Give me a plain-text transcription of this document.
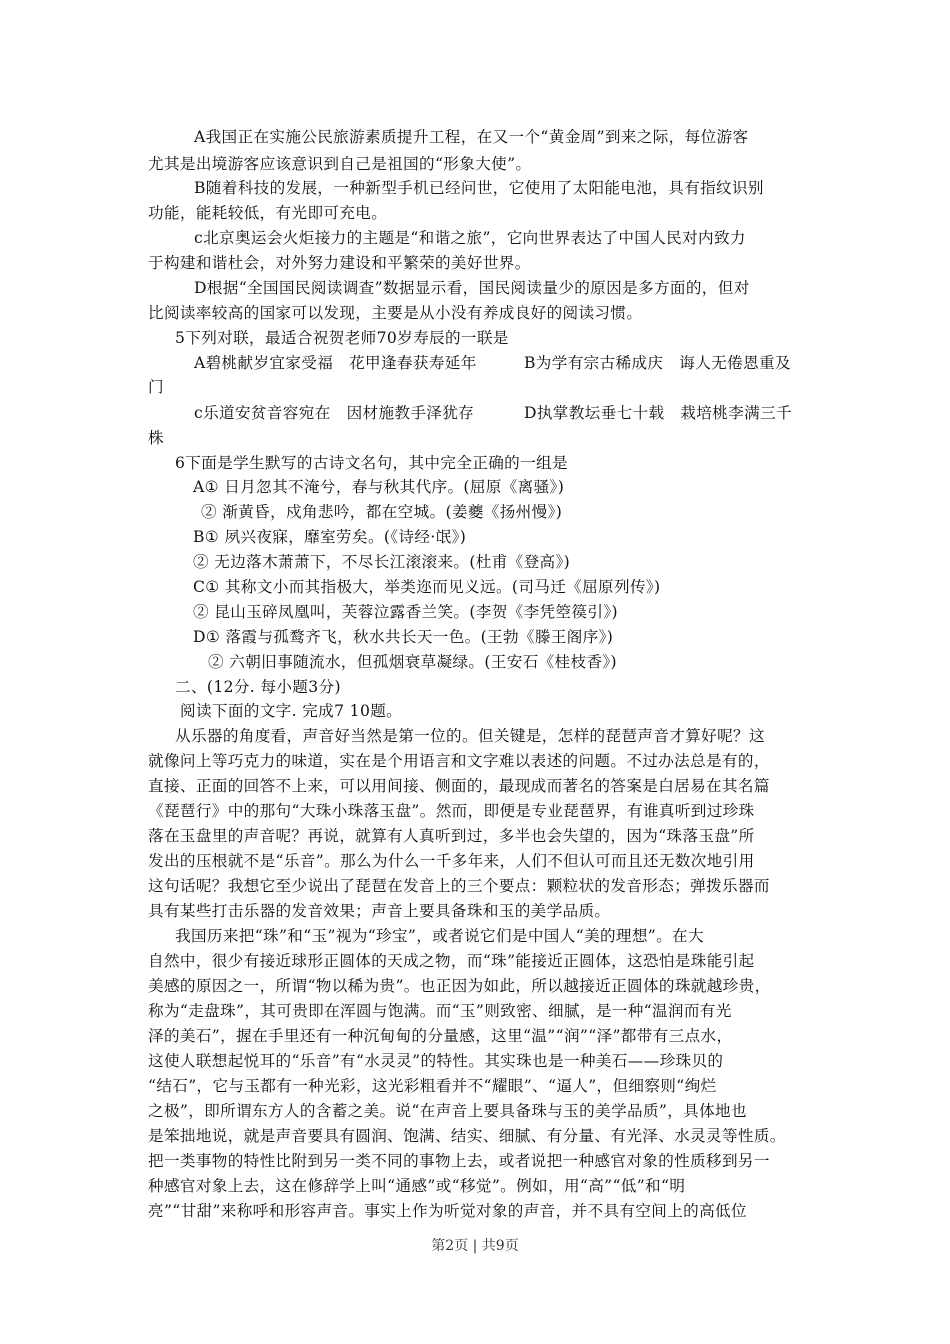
A我国正在实施公民旅游素质提升工程，在又一个“黄金周”到来之际，每位游客
尤其是出境游客应该意识到自己是祖国的“形象大使”。
B随着科技的发展，一种新型手机已经问世，它使用了太阳能电池，具有指纹识别
功能，能耗较低，有光即可充电。
c北京奥运会火炬接力的主题是“和谐之旅”，它向世界表达了中国人民对内致力
于构建和谐杜会，对外努力建设和平繁荣的美好世界。
D根据“全国国民阅读调查”数据显示看，国民阅读量少的原因是多方面的，但对
比阅读率较高的国家可以发现，主要是从小没有养成良好的阅读习惯。
5下列对联，最适合祝贺老师70岁寿辰的一联是
A碧桃献岁宜家受福　花甲逢春获寿延年	B为学有宗古稀成庆　诲人无倦恩重及
门
c乐道安贫音容宛在　因材施教手泽犹存	D执掌教坛垂七十载　栽培桃李满三千
株
6下面是学生默写的古诗文名句，其中完全正确的一组是
A① 日月忽其不淹兮，春与秋其代序。(屈原《离骚》)
② 渐黄昏，戍角悲吟，都在空城。(姜夔《扬州慢》)
B① 夙兴夜寐，靡室劳矣。(《诗经·氓》)
② 无边落木萧萧下，不尽长江滚滚来。(杜甫《登高》)
C① 其称文小而其指极大，举类迩而见义远。(司马迁《屈原列传》)
② 昆山玉碎凤凰叫，芙蓉泣露香兰笑。(李贺《李凭箜篌引》)
D① 落霞与孤鹜齐飞，秋水共长天一色。(王勃《滕王阁序》)
② 六朝旧事随流水，但孤烟衰草凝绿。(王安石《桂枝香》)
二、(12分. 每小题3分)
阅读下面的文字. 完成7 10题。
从乐器的角度看，声音好当然是第一位的。但关键是，怎样的琵琶声音才算好呢？这
就像问上等巧克力的味道，实在是个用语言和文字难以表述的问题。不过办法总是有的，
直接、正面的回答不上来，可以用间接、侧面的，最现成而著名的答案是白居易在其名篇
《琵琶行》中的那句“大珠小珠落玉盘”。然而，即便是专业琵琶界，有谁真听到过珍珠
落在玉盘里的声音呢？再说，就算有人真听到过，多半也会失望的，因为“珠落玉盘”所
发出的压根就不是“乐音”。那么为什么一千多年来，人们不但认可而且还无数次地引用
这句话呢？我想它至少说出了琵琶在发音上的三个要点：颗粒状的发音形态；弹拨乐器而
具有某些打击乐器的发音效果；声音上要具备珠和玉的美学品质。
我国历来把“珠”和“玉”视为“珍宝”，或者说它们是中国人“美的理想”。在大
自然中，很少有接近球形正圆体的天成之物，而“珠”能接近正圆体，这恐怕是珠能引起
美感的原因之一，所谓“物以稀为贵”。也正因为如此，所以越接近正圆体的珠就越珍贵，
称为“走盘珠”，其可贵即在浑圆与饱满。而“玉”则致密、细腻，是一种“温润而有光
泽的美石”，握在手里还有一种沉甸甸的分量感，这里“温”“润”“泽”都带有三点水，
这使人联想起悦耳的“乐音”有“水灵灵”的特性。其实珠也是一种美石——珍珠贝的
“结石”，它与玉都有一种光彩，这光彩粗看并不“耀眼”、“逼人”，但细察则“绚烂
之极”，即所谓东方人的含蓄之美。说“在声音上要具备珠与玉的美学品质”，具体地也
是笨拙地说，就是声音要具有圆润、饱满、结实、细腻、有分量、有光泽、水灵灵等性质。
把一类事物的特性比附到另一类不同的事物上去，或者说把一种感官对象的性质移到另一
种感官对象上去，这在修辞学上叫“通感”或“移觉”。例如，用“高”“低”和“明
亮”“甘甜”来称呼和形容声音。事实上作为听觉对象的声音，并不具有空间上的高低位
第2页 | 共9页
